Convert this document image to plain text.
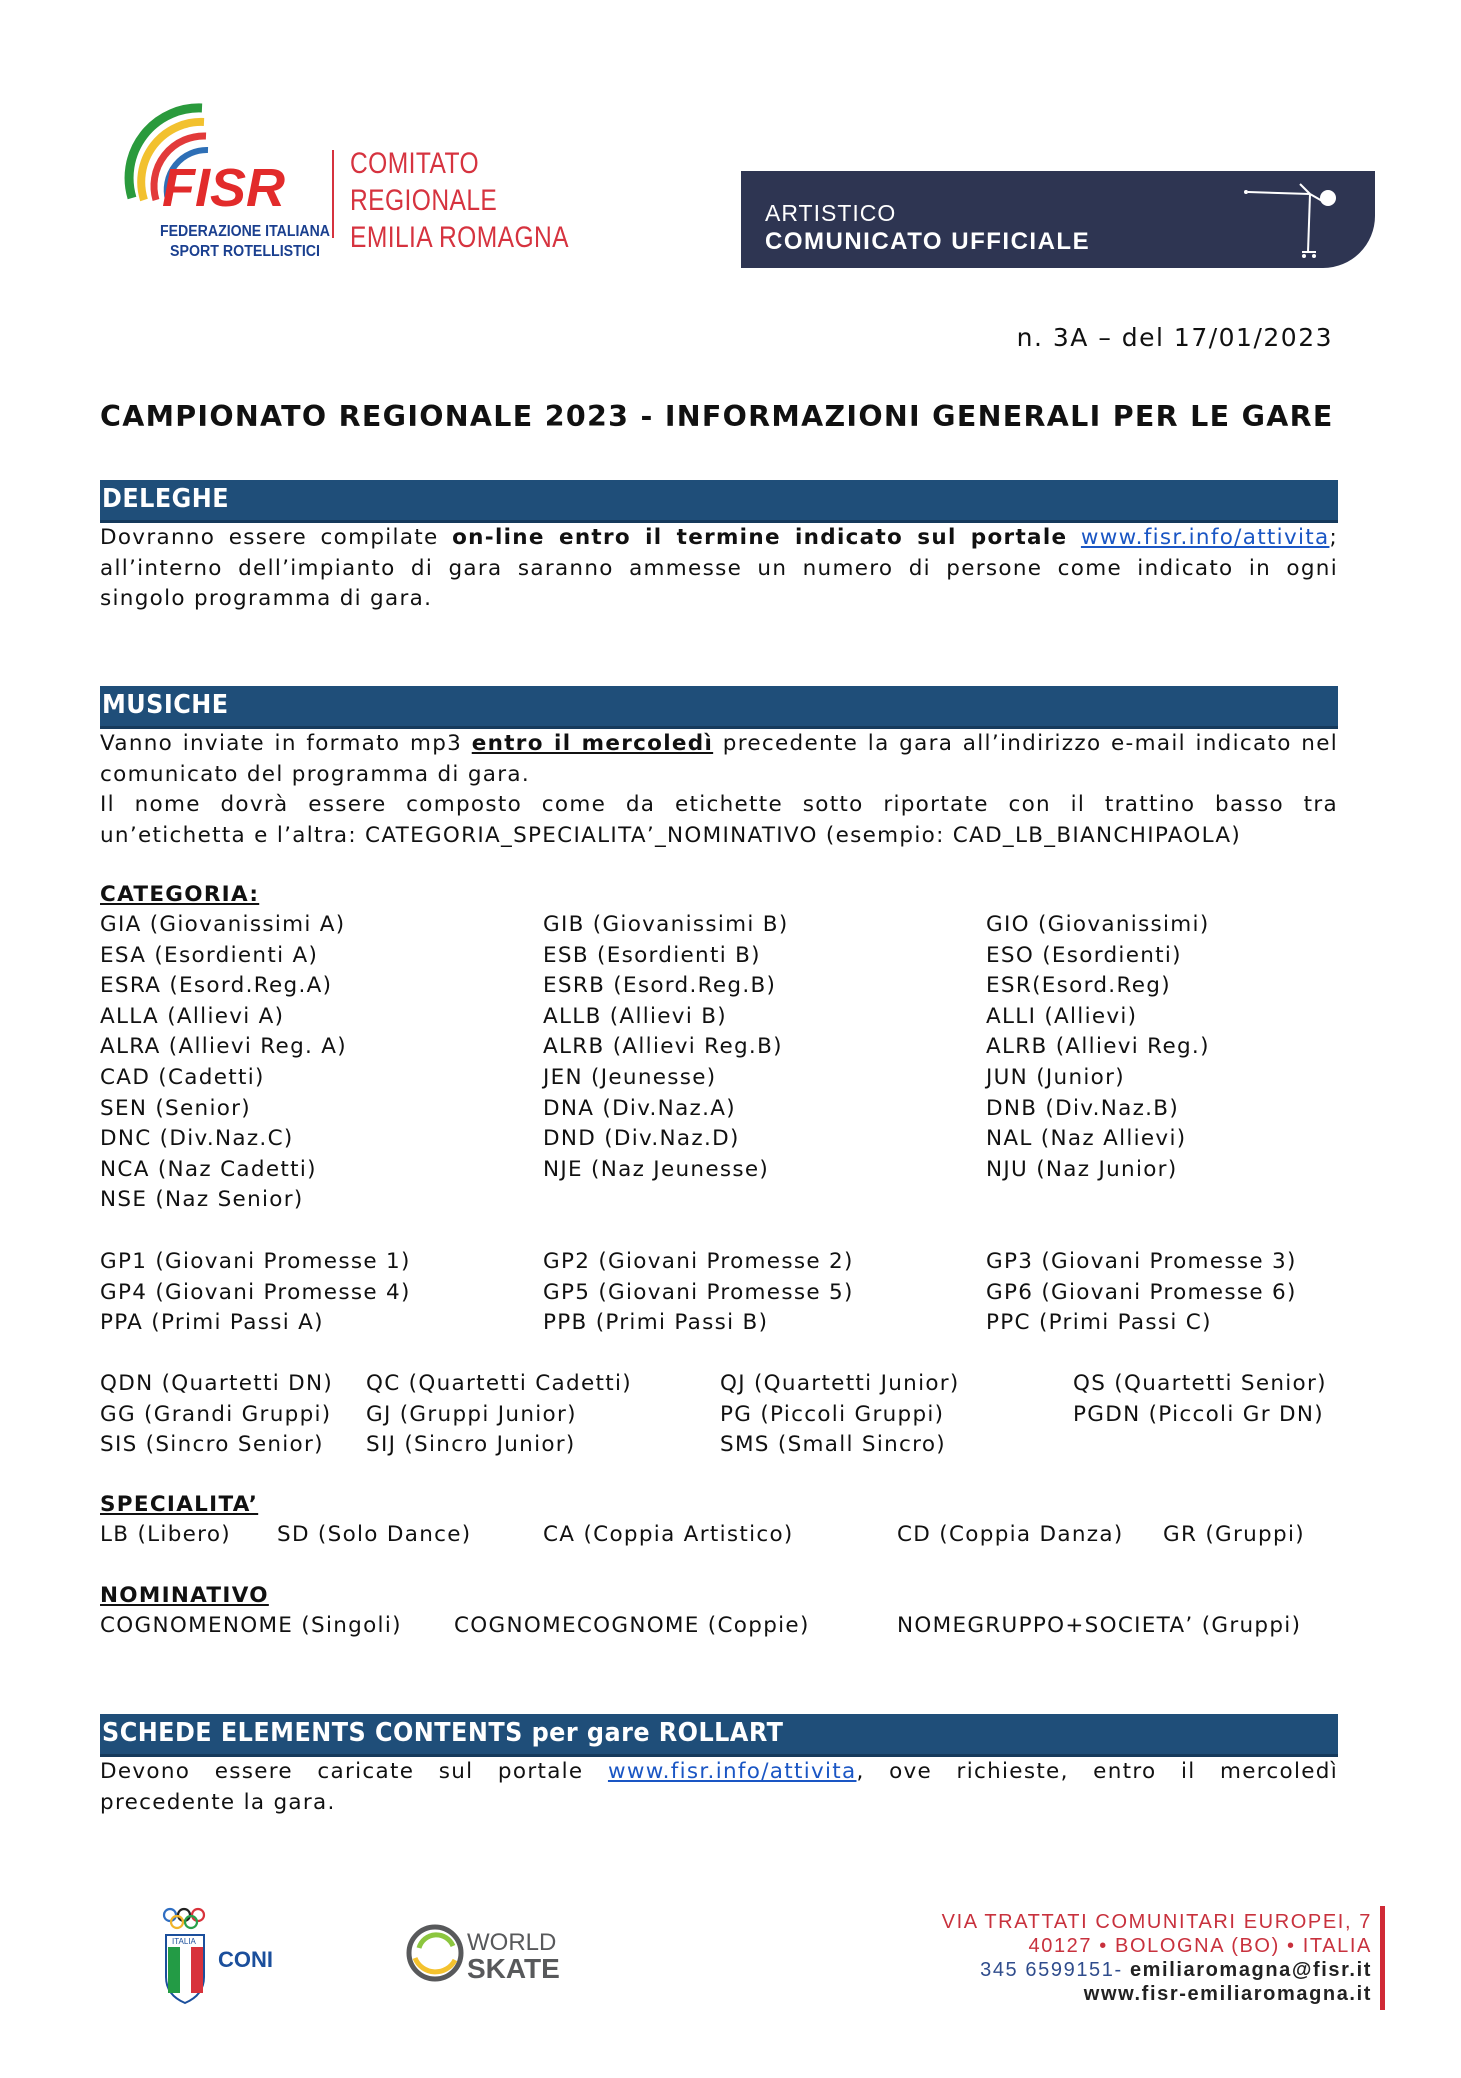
FISR
FEDERAZIONE ITALIANA
SPORT ROTELLISTICI
COMITATO
REGIONALE
EMILIA ROMAGNA
ARTISTICO
COMUNICATO UFFICIALE
n. 3A – del 17/01/2023
CAMPIONATO REGIONALE 2023 - INFORMAZIONI GENERALI PER LE GARE
DELEGHE
Dovranno essere compilate on-line entro il termine indicato sul portale www.fisr.info/attivita;
all’interno dell’impianto di gara saranno ammesse un numero di persone come indicato in ogni
singolo programma di gara.
MUSICHE
Vanno inviate in formato mp3 entro il mercoledì precedente la gara all’indirizzo e-mail indicato nel
comunicato del programma di gara.
Il nome dovrà essere composto come da etichette sotto riportate con il trattino basso tra
un’etichetta e l’altra: CATEGORIA_SPECIALITA’_NOMINATIVO (esempio: CAD_LB_BIANCHIPAOLA)
CATEGORIA:
GIA (Giovanissimi A)	GIB (Giovanissimi B)	GIO (Giovanissimi)
ESA (Esordienti A)	ESB (Esordienti B)	ESO (Esordienti)
ESRA (Esord.Reg.A)	ESRB (Esord.Reg.B)	ESR(Esord.Reg)
ALLA (Allievi A)	ALLB (Allievi B)	ALLI (Allievi)
ALRA (Allievi Reg. A)	ALRB (Allievi Reg.B)	ALRB (Allievi Reg.)
CAD (Cadetti)	JEN (Jeunesse)	JUN (Junior)
SEN (Senior)	DNA (Div.Naz.A)	DNB (Div.Naz.B)
DNC (Div.Naz.C)	DND (Div.Naz.D)	NAL (Naz Allievi)
NCA (Naz Cadetti)	NJE (Naz Jeunesse)	NJU (Naz Junior)
NSE (Naz Senior)
GP1 (Giovani Promesse 1)	GP2 (Giovani Promesse 2)	GP3 (Giovani Promesse 3)
GP4 (Giovani Promesse 4)	GP5 (Giovani Promesse 5)	GP6 (Giovani Promesse 6)
PPA (Primi Passi A)	PPB (Primi Passi B)	PPC (Primi Passi C)
QDN (Quartetti DN) QC (Quartetti Cadetti)	QJ (Quartetti Junior)	QS (Quartetti Senior)
GG (Grandi Gruppi) GJ (Gruppi Junior)	PG (Piccoli Gruppi)	PGDN (Piccoli Gr DN)
SIS (Sincro Senior) SIJ (Sincro Junior)	SMS (Small Sincro)
SPECIALITA’
LB (Libero) SD (Solo Dance)	CA (Coppia Artistico)	CD (Coppia Danza) GR (Gruppi)
NOMINATIVO
COGNOMENOME (Singoli) COGNOMECOGNOME (Coppie)	NOMEGRUPPO+SOCIETA’ (Gruppi)
SCHEDE ELEMENTS CONTENTS per gare ROLLART
Devono essere caricate sul portale www.fisr.info/attivita, ove richieste, entro il mercoledì
precedente la gara.
ITALIA
CONI
WORLD
SKATE
VIA TRATTATI COMUNITARI EUROPEI, 7
40127 • BOLOGNA (BO) • ITALIA
345 6599151- emiliaromagna@fisr.it
www.fisr-emiliaromagna.it
